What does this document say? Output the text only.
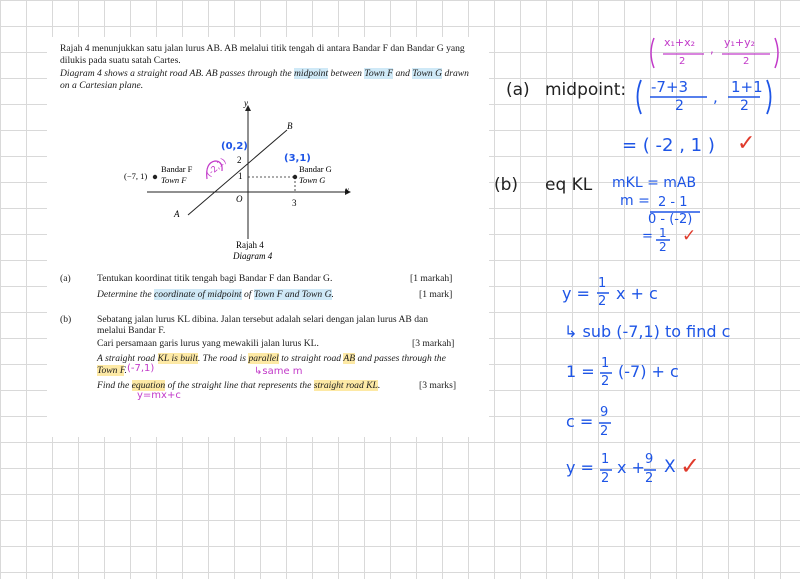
Rajah 4 menunjukkan satu jalan lurus AB. AB melalui titik tengah di antara Bandar F dan Bandar G yang dilukis pada suatu satah Cartes.
Diagram 4 shows a straight road AB. AB passes through the midpoint between Town F and Town G drawn on a Cartesian plane.
y
x
O
2
1
3
B
A
(−7, 1)
Bandar F
Town F
Bandar G
Town G
Rajah 4
Diagram 4
(0,2)
(3,1)
(-2,1)
(a)	Tentukan koordinat titik tengah bagi Bandar F dan Bandar G.	[1 markah]
Determine the coordinate of midpoint of Town F and Town G.	[1 mark]
(b)	Sebatang jalan lurus KL dibina. Jalan tersebut adalah selari dengan jalan lurus AB dan
melalui Bandar F.
Cari persamaan garis lurus yang mewakili jalan lurus KL.	[3 markah]
A straight road KL is built. The road is parallel to straight road AB and passes through the
Town F. (-7,1)	↳same m
Find the equation of the straight line that represents the straight road KL.	[3 marks]
y=mx+c
x₁+x₂
2
, y₁+y₂
2
(a) midpoint: -7+3
2 ,
1+1
2
= ( -2 , 1 ) ✓
(b) eq KL mKL = mAB
m = 2 - 1
0 - (-2)
= 1
2
✓
y =
1
2 x + c
↳ sub (-7,1) to find c
1 = 1
2
(-7) + c
c = 9
2
y = 1
2
x + 9
2
X ✓
